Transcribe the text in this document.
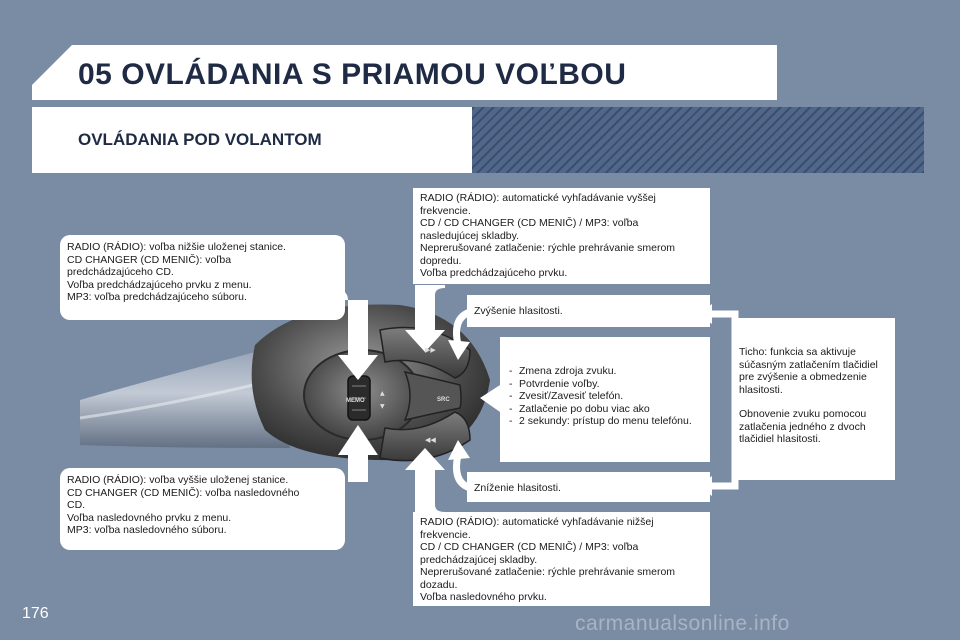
05 OVLÁDANIA S PRIAMOU VOĽBOU
OVLÁDANIA POD VOLANTOM
MEMO	SRC
▲
▼
▶▶
◀◀
RADIO (RÁDIO): voľba nižšie uloženej stanice.
CD CHANGER (CD MENIČ): voľba
predchádzajúceho CD.
Voľba predchádzajúceho prvku z menu.
MP3: voľba predchádzajúceho súboru.
RADIO (RÁDIO): voľba vyššie uloženej stanice.
CD CHANGER (CD MENIČ): voľba nasledovného
CD.
Voľba nasledovného prvku z menu.
MP3: voľba nasledovného súboru.
RADIO (RÁDIO): automatické vyhľadávanie vyššej
frekvencie.
CD / CD CHANGER (CD MENIČ) / MP3: voľba
nasledujúcej skladby.
Neprerušované zatlačenie: rýchle prehrávanie smerom
dopredu.
Voľba predchádzajúceho prvku.
Zvýšenie hlasitosti.
- Zmena zdroja zvuku.
- Potvrdenie voľby.
- Zvesiť/Zavesiť telefón.
- Zatlačenie po dobu viac ako
- 2 sekundy: prístup do menu telefónu.
Zníženie hlasitosti.
RADIO (RÁDIO): automatické vyhľadávanie nižšej
frekvencie.
CD / CD CHANGER (CD MENIČ) / MP3: voľba
predchádzajúcej skladby.
Neprerušované zatlačenie: rýchle prehrávanie smerom
dozadu.
Voľba nasledovného prvku.
Ticho: funkcia sa aktivuje
súčasným zatlačením tlačidiel
pre zvýšenie a obmedzenie
hlasitosti.
Obnovenie zvuku pomocou
zatlačenia jedného z dvoch
tlačidiel hlasitosti.
176	carmanualsonline.info
